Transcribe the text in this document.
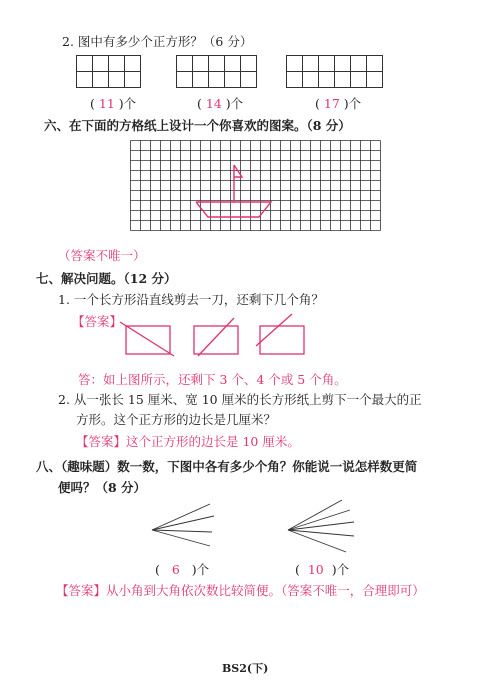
2. 图中有多少个正方形？（6 分）
( 11 )个	( 14 )个	( 17 )个
六、在下面的方格纸上设计一个你喜欢的图案。（8 分）
（答案不唯一）
七、解决问题。（12 分）
1. 一个长方形沿直线剪去一刀，还剩下几个角？
【答案】
答：如上图所示，还剩下 3 个、4 个或 5 个角。
2. 从一张长 15 厘米、宽 10 厘米的长方形纸上剪下一个最大的正
方形。这个正方形的边长是几厘米？
【答案】这个正方形的边长是 10 厘米。
八、（趣味题）数一数，下图中各有多少个角？你能说一说怎样数更简
便吗？（8 分）
( 6 )个	( 10 )个
【答案】从小角到大角依次数比较简便。（答案不唯一，合理即可）
BS2(下)
